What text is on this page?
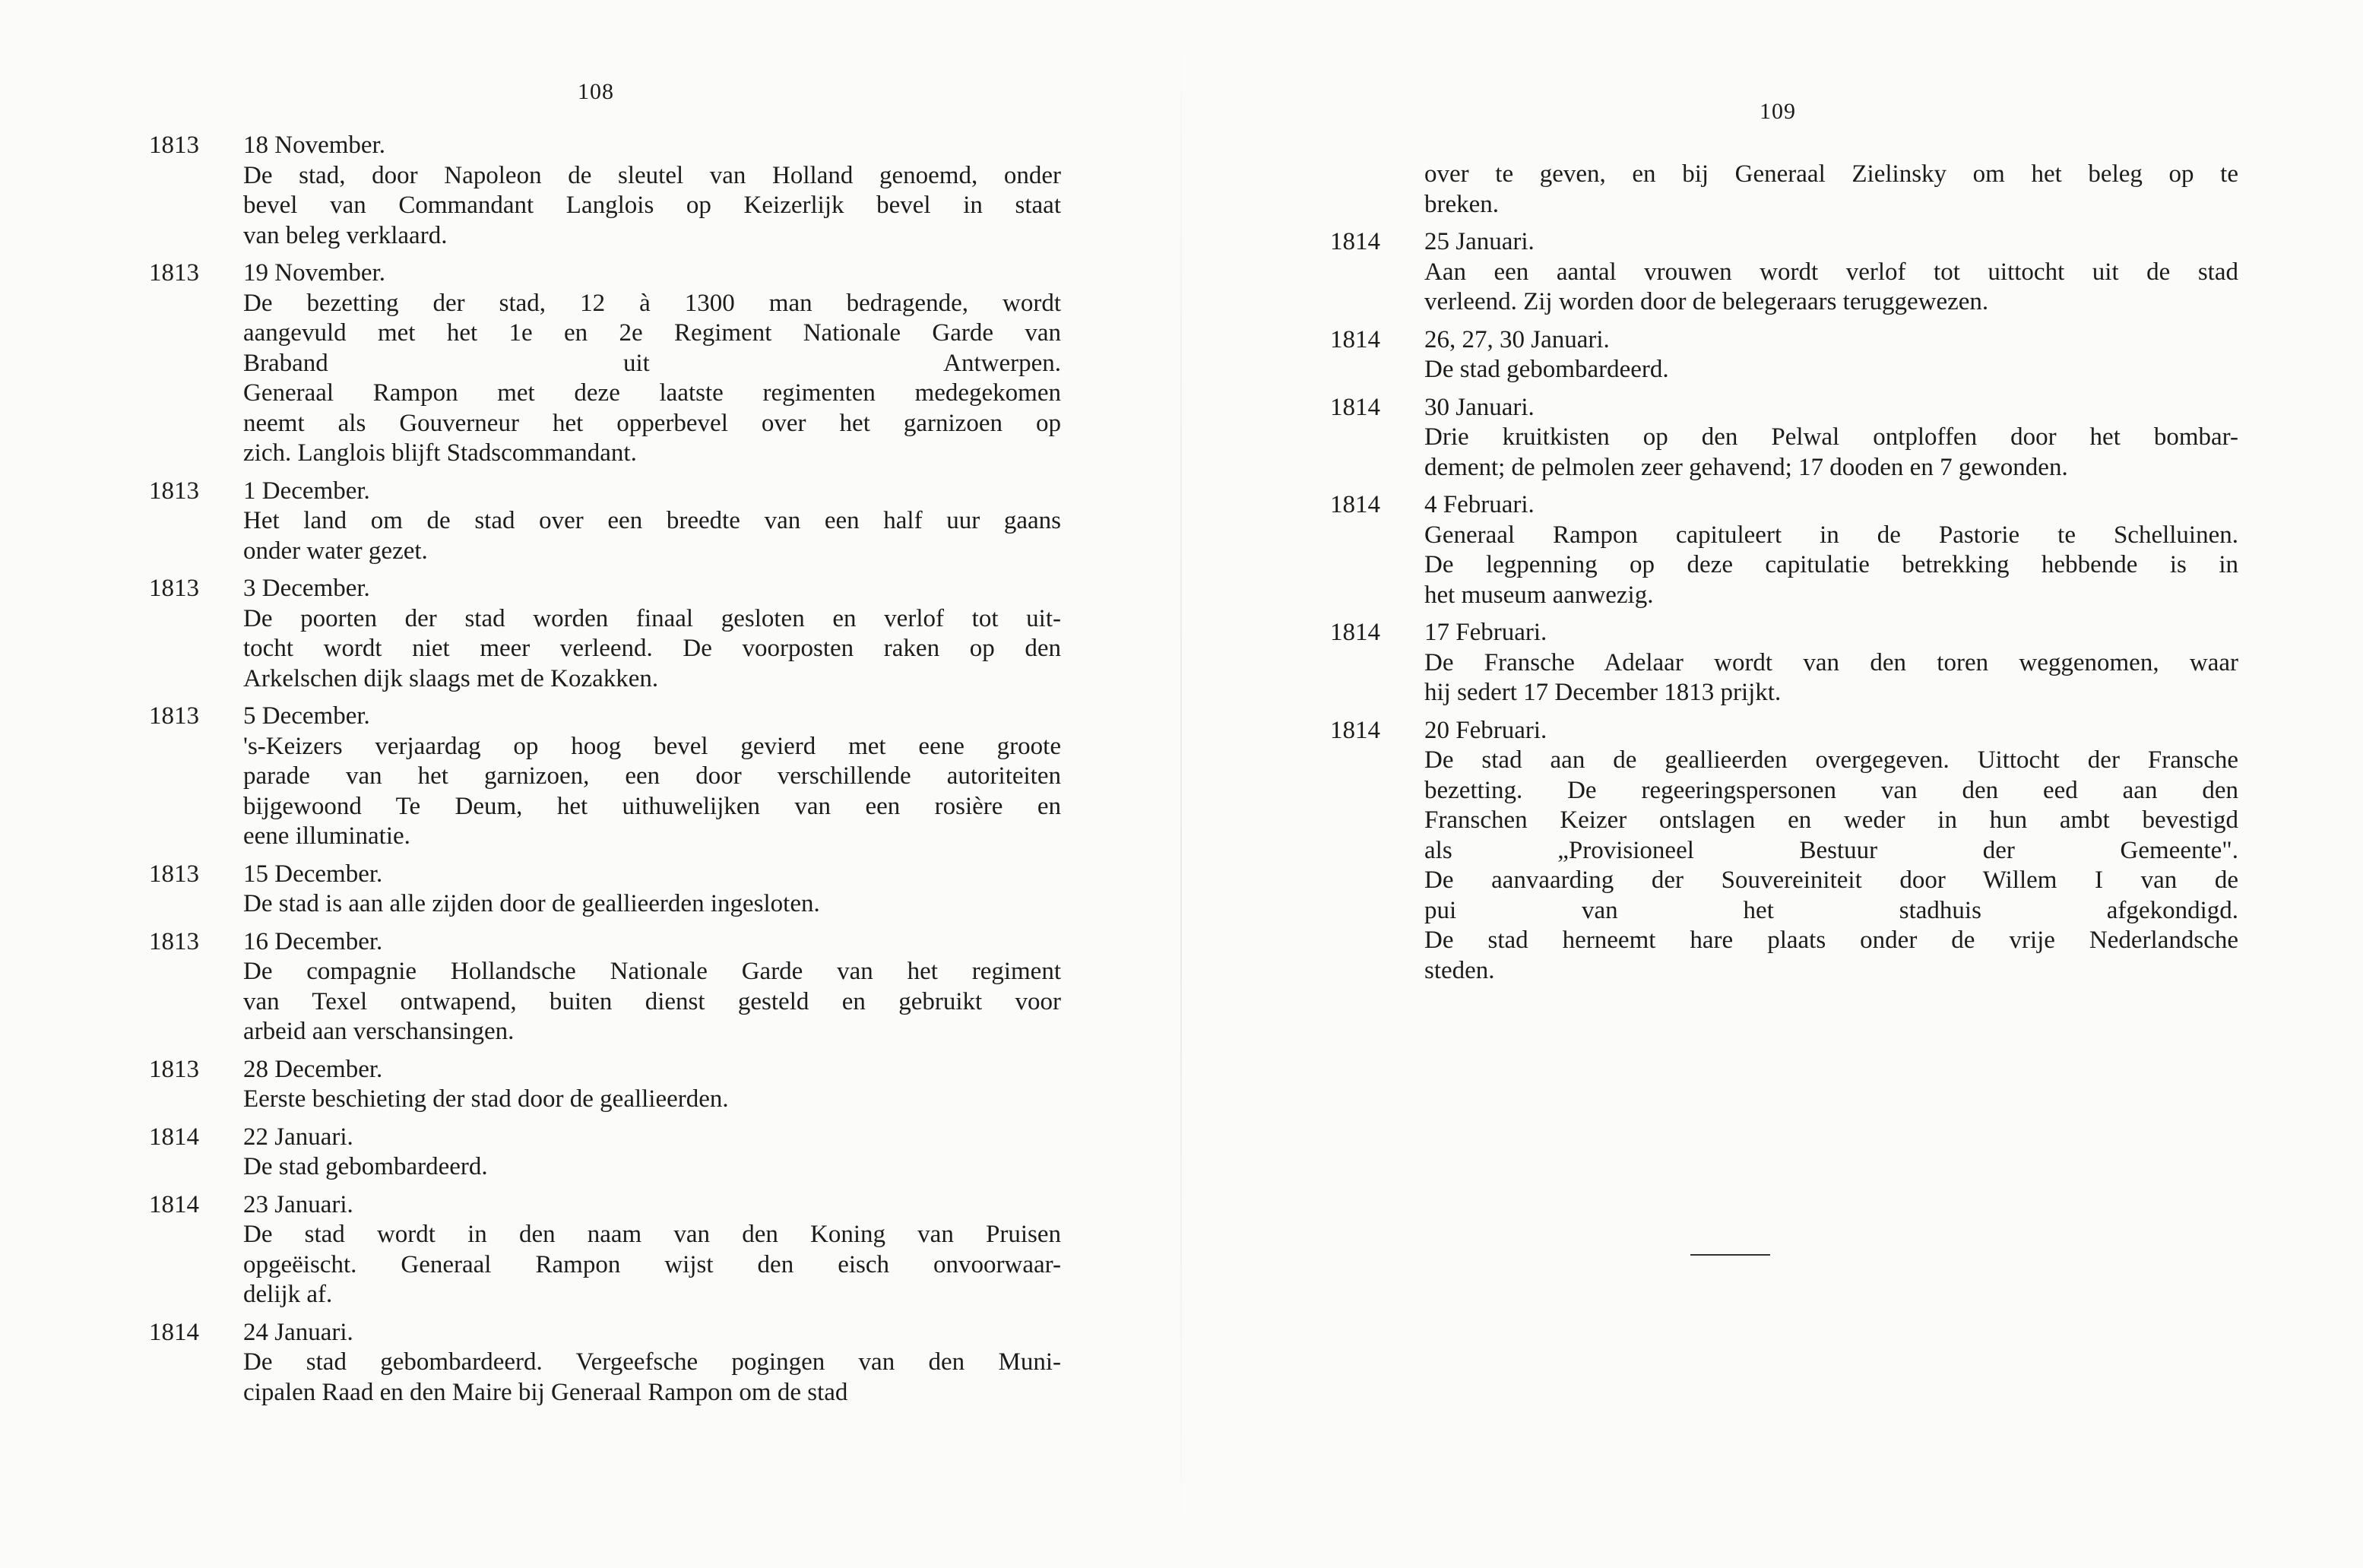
108
1813 18 November.
De stad, door Napoleon de sleutel van Holland genoemd, onder
bevel van Commandant Langlois op Keizerlijk bevel in staat
van beleg verklaard.
1813 19 November.
De bezetting der stad, 12 à 1300 man bedragende, wordt
aangevuld met het 1e en 2e Regiment Nationale Garde van
Braband uit Antwerpen.
Generaal Rampon met deze laatste regimenten medegekomen
neemt als Gouverneur het opperbevel over het garnizoen op
zich. Langlois blijft Stadscommandant.
1813 1 December.
Het land om de stad over een breedte van een half uur gaans
onder water gezet.
1813 3 December.
De poorten der stad worden finaal gesloten en verlof tot uit-
tocht wordt niet meer verleend. De voorposten raken op den
Arkelschen dijk slaags met de Kozakken.
1813 5 December.
's-Keizers verjaardag op hoog bevel gevierd met eene groote
parade van het garnizoen, een door verschillende autoriteiten
bijgewoond Te Deum, het uithuwelijken van een rosière en
eene illuminatie.
1813 15 December.
De stad is aan alle zijden door de geallieerden ingesloten.
1813 16 December.
De compagnie Hollandsche Nationale Garde van het regiment
van Texel ontwapend, buiten dienst gesteld en gebruikt voor
arbeid aan verschansingen.
1813 28 December.
Eerste beschieting der stad door de geallieerden.
1814 22 Januari.
De stad gebombardeerd.
1814 23 Januari.
De stad wordt in den naam van den Koning van Pruisen
opgeëischt. Generaal Rampon wijst den eisch onvoorwaar-
delijk af.
1814 24 Januari.
De stad gebombardeerd. Vergeefsche pogingen van den Muni-
cipalen Raad en den Maire bij Generaal Rampon om de stad
109
over te geven, en bij Generaal Zielinsky om het beleg op te
breken.
1814 25 Januari.
Aan een aantal vrouwen wordt verlof tot uittocht uit de stad
verleend. Zij worden door de belegeraars teruggewezen.
1814 26, 27, 30 Januari.
De stad gebombardeerd.
1814 30 Januari.
Drie kruitkisten op den Pelwal ontploffen door het bombar-
dement; de pelmolen zeer gehavend; 17 dooden en 7 gewonden.
1814 4 Februari.
Generaal Rampon capituleert in de Pastorie te Schelluinen.
De legpenning op deze capitulatie betrekking hebbende is in
het museum aanwezig.
1814 17 Februari.
De Fransche Adelaar wordt van den toren weggenomen, waar
hij sedert 17 December 1813 prijkt.
1814 20 Februari.
De stad aan de geallieerden overgegeven. Uittocht der Fransche
bezetting. De regeeringspersonen van den eed aan den
Franschen Keizer ontslagen en weder in hun ambt bevestigd
als „Provisioneel Bestuur der Gemeente".
De aanvaarding der Souvereiniteit door Willem I van de
pui van het stadhuis afgekondigd.
De stad herneemt hare plaats onder de vrije Nederlandsche
steden.
